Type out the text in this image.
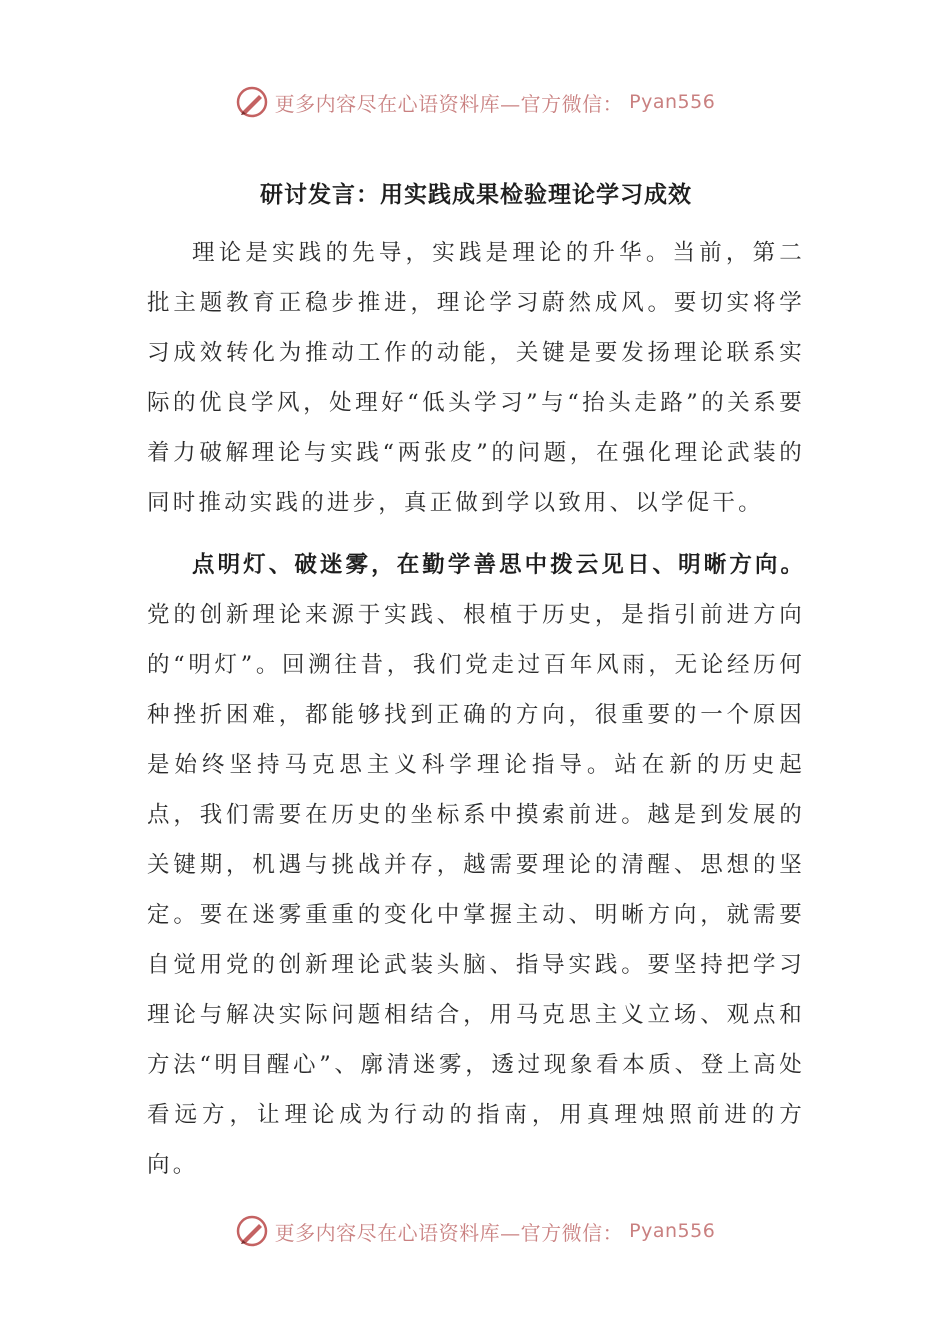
更多内容尽在心语资料库—官方微信： Pyan556
研讨发言：用实践成果检验理论学习成效

理论是实践的先导，实践是理论的升华。当前，第二批主题教育正稳步推进，理论学习蔚然成风。要切实将学习成效转化为推动工作的动能，关键是要发扬理论联系实际的优良学风，处理好“低头学习”与“抬头走路”的关系要着力破解理论与实践“两张皮”的问题，在强化理论武装的同时推动实践的进步，真正做到学以致用、以学促干。

点明灯、破迷雾，在勤学善思中拨云见日、明晰方向。党的创新理论来源于实践、根植于历史，是指引前进方向的“明灯”。回溯往昔，我们党走过百年风雨，无论经历何种挫折困难，都能够找到正确的方向，很重要的一个原因是始终坚持马克思主义科学理论指导。站在新的历史起点，我们需要在历史的坐标系中摸索前进。越是到发展的关键期，机遇与挑战并存，越需要理论的清醒、思想的坚定。要在迷雾重重的变化中掌握主动、明晰方向，就需要自觉用党的创新理论武装头脑、指导实践。要坚持把学习理论与解决实际问题相结合，用马克思主义立场、观点和方法“明目醒心”、廓清迷雾，透过现象看本质、登上高处看远方，让理论成为行动的指南，用真理烛照前进的方向。

更多内容尽在心语资料库—官方微信： Pyan556
